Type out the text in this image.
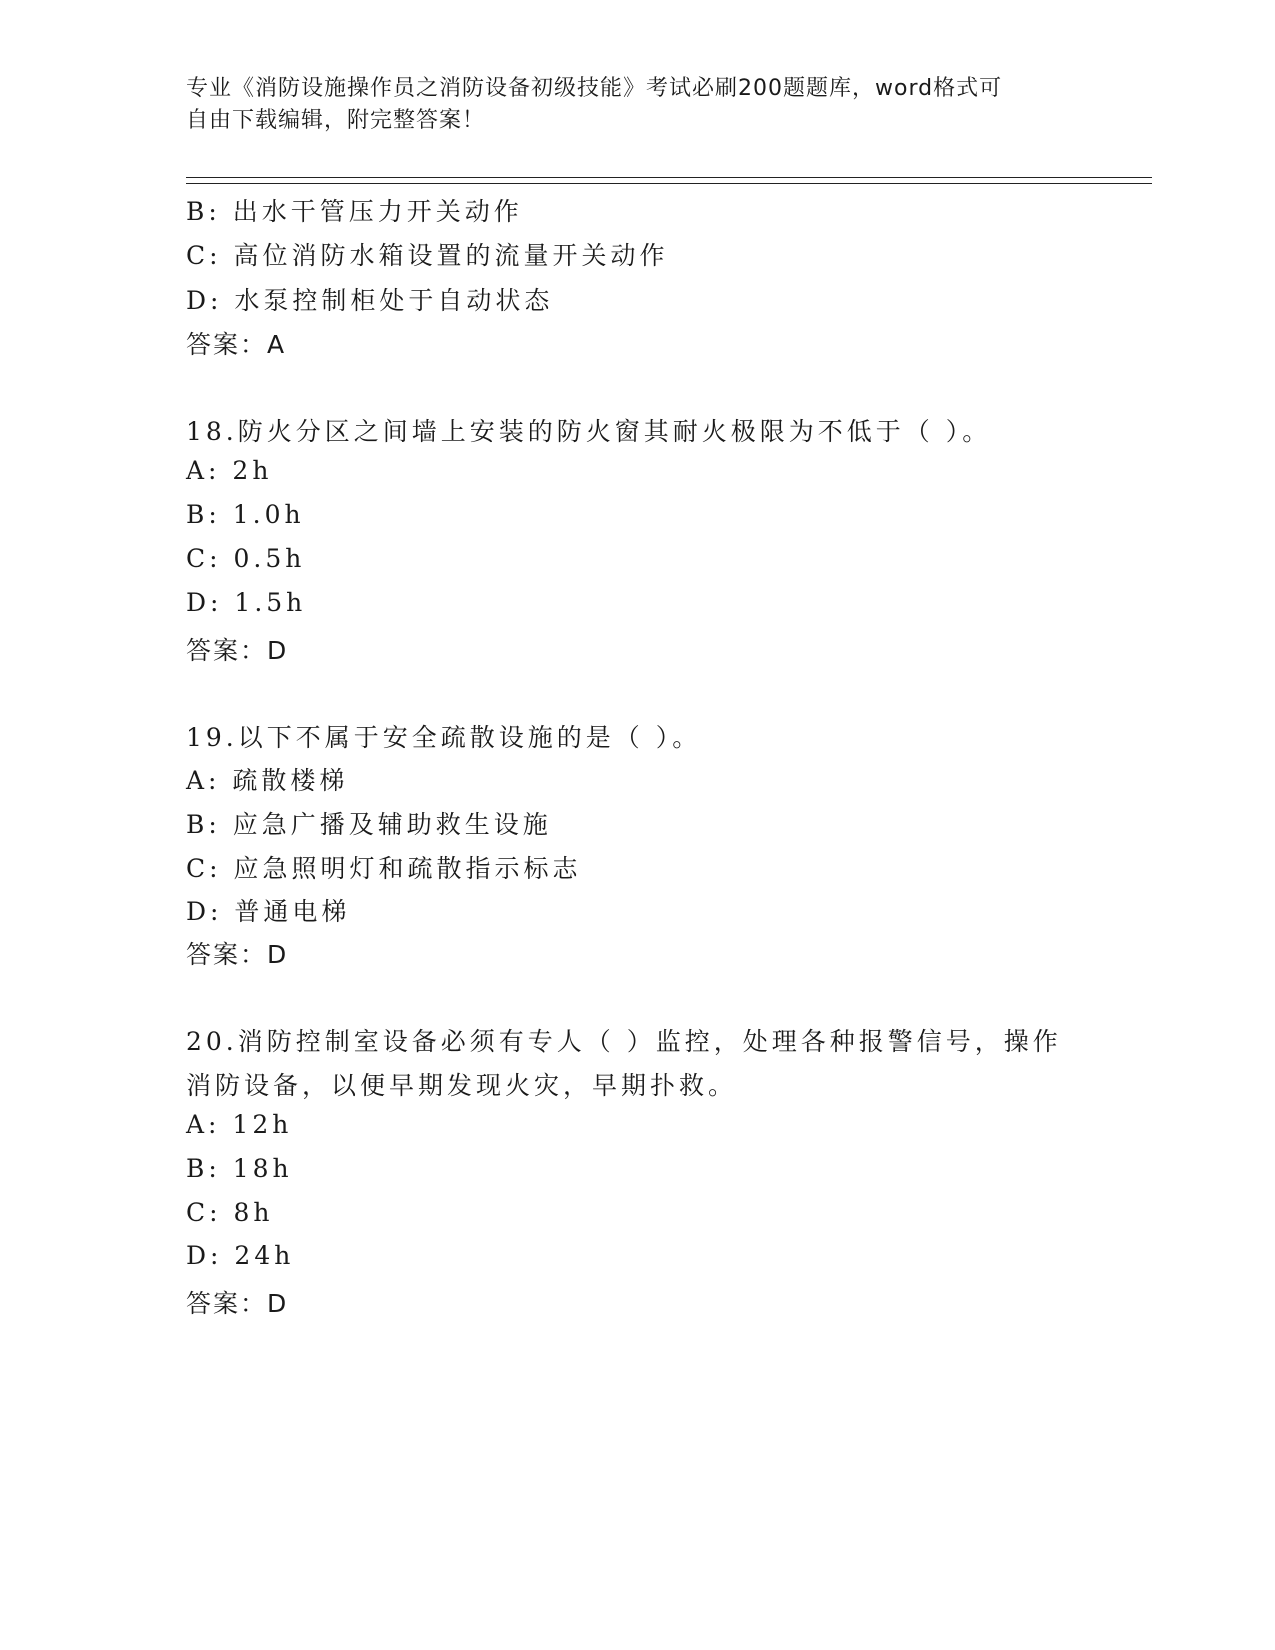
专业《消防设施操作员之消防设备初级技能》考试必刷200题题库，word格式可
自由下载编辑，附完整答案！
B: 出水干管压力开关动作
C: 高位消防水箱设置的流量开关动作
D: 水泵控制柜处于自动状态
答案：A
18.防火分区之间墙上安装的防火窗其耐火极限为不低于（ ）。
A: 2h
B: 1.0h
C: 0.5h
D: 1.5h
答案：D
19.以下不属于安全疏散设施的是（ ）。
A: 疏散楼梯
B: 应急广播及辅助救生设施
C: 应急照明灯和疏散指示标志
D: 普通电梯
答案：D
20.消防控制室设备必须有专人（ ）监控，处理各种报警信号，操作
消防设备，以便早期发现火灾，早期扑救。
A: 12h
B: 18h
C: 8h
D: 24h
答案：D
